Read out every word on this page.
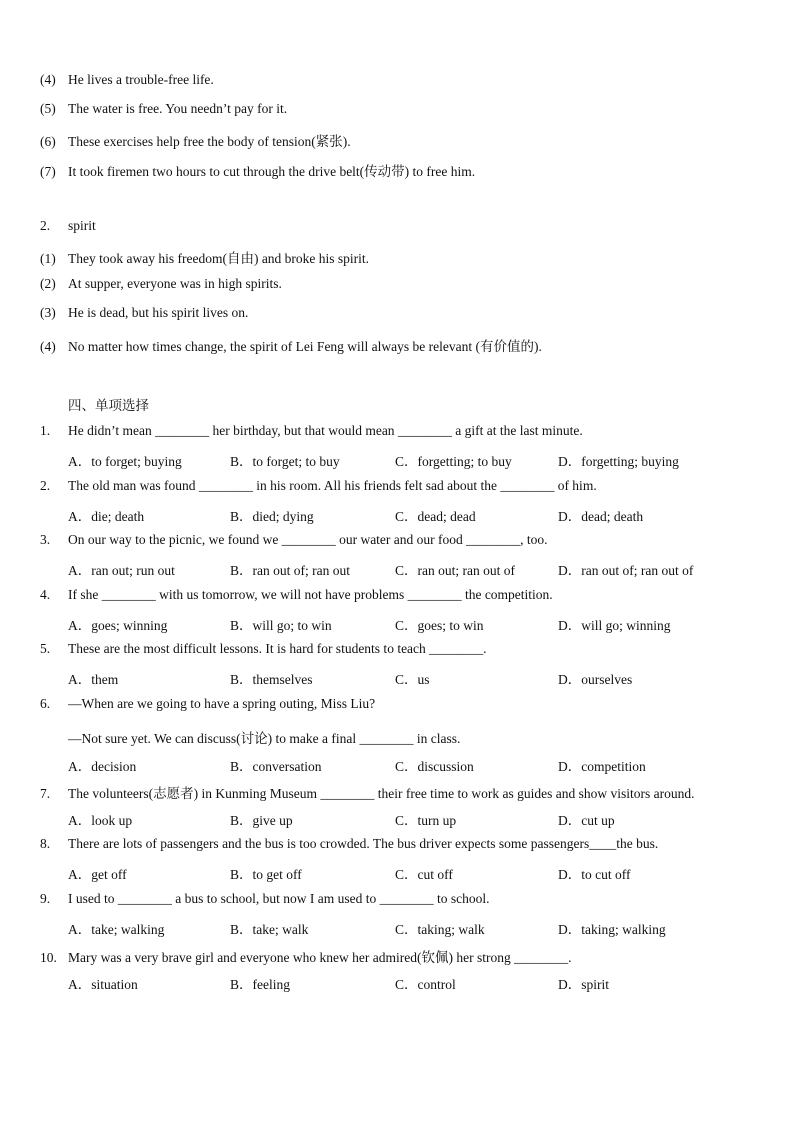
(4) He lives a trouble-free life.
(5) The water is free. You needn’t pay for it.
(6) These exercises help free the body of tension(紧张).
(7) It took firemen two hours to cut through the drive belt(传动带) to free him.
2. spirit
(1) They took away his freedom(自由) and broke his spirit.
(2) At supper, everyone was in high spirits.
(3) He is dead, but his spirit lives on.
(4) No matter how times change, the spirit of Lei Feng will always be relevant (有价值的).
四、单项选择
1. He didn’t mean ________ her birthday, but that would mean ________ a gift at the last minute.
A．to forget; buying	B．to forget; to buy	C．forgetting; to buy	D．forgetting; buying
2. The old man was found ________ in his room. All his friends felt sad about the ________ of him.
A．die; death	B．died; dying	C．dead; dead	D．dead; death
3. On our way to the picnic, we found we ________ our water and our food ________, too.
A．ran out; run out	B．ran out of; ran out	C．ran out; ran out of	D．ran out of; ran out of
4. If she ________ with us tomorrow, we will not have problems ________ the competition.
A．goes; winning	B．will go; to win	C．goes; to win	D．will go; winning
5. These are the most difficult lessons. It is hard for students to teach ________.
A．them	B．themselves	C．us	D．ourselves
6. —When are we going to have a spring outing, Miss Liu?
—Not sure yet. We can discuss(讨论) to make a final ________ in class.
A．decision	B．conversation	C．discussion	D．competition
7. The volunteers(志愿者) in Kunming Museum ________ their free time to work as guides and show visitors around.
A．look up	B．give up	C．turn up	D．cut up
8. There are lots of passengers and the bus is too crowded. The bus driver expects some passengers____the bus.
A．get off	B．to get off	C．cut off	D．to cut off
9. I used to ________ a bus to school, but now I am used to ________ to school.
A．take; walking	B．take; walk	C．taking; walk	D．taking; walking
10. Mary was a very brave girl and everyone who knew her admired(钦佩) her strong ________.
A．situation	B．feeling	C．control	D．spirit
